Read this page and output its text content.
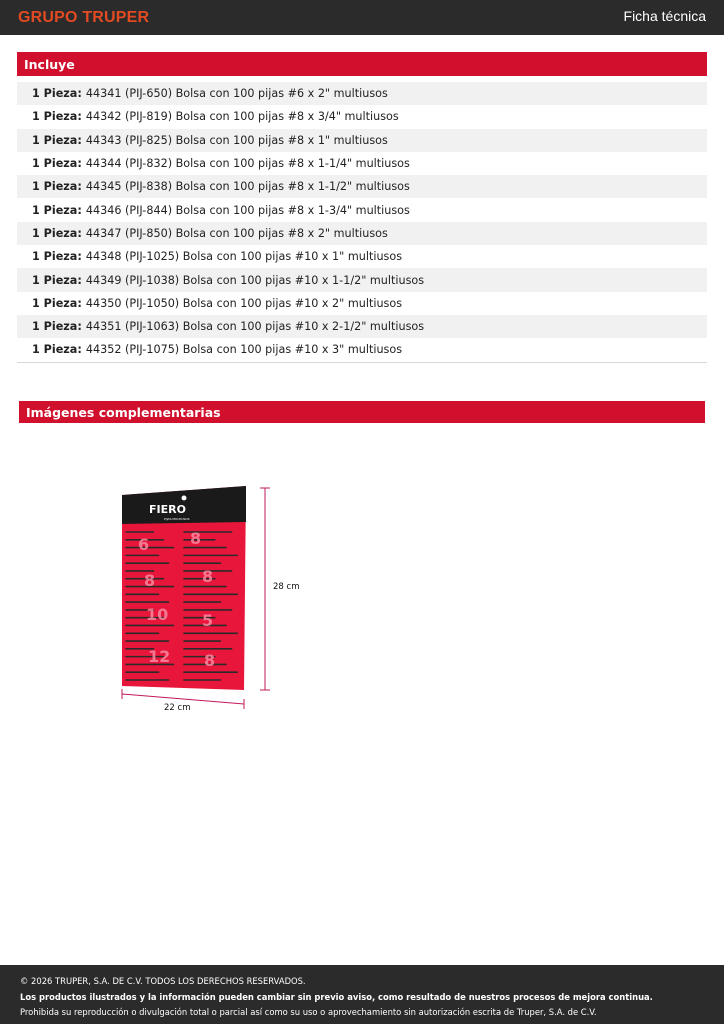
GRUPO TRUPER	Ficha técnica
Incluye
1 Pieza: 44341 (PIJ-650) Bolsa con 100 pijas #6 x 2" multiusos
1 Pieza: 44342 (PIJ-819) Bolsa con 100 pijas #8 x 3/4" multiusos
1 Pieza: 44343 (PIJ-825) Bolsa con 100 pijas #8 x 1" multiusos
1 Pieza: 44344 (PIJ-832) Bolsa con 100 pijas #8 x 1-1/4" multiusos
1 Pieza: 44345 (PIJ-838) Bolsa con 100 pijas #8 x 1-1/2" multiusos
1 Pieza: 44346 (PIJ-844) Bolsa con 100 pijas #8 x 1-3/4" multiusos
1 Pieza: 44347 (PIJ-850) Bolsa con 100 pijas #8 x 2" multiusos
1 Pieza: 44348 (PIJ-1025) Bolsa con 100 pijas #10 x 1" multiusos
1 Pieza: 44349 (PIJ-1038) Bolsa con 100 pijas #10 x 1-1/2" multiusos
1 Pieza: 44350 (PIJ-1050) Bolsa con 100 pijas #10 x 2" multiusos
1 Pieza: 44351 (PIJ-1063) Bolsa con 100 pijas #10 x 2-1/2" multiusos
1 Pieza: 44352 (PIJ-1075) Bolsa con 100 pijas #10 x 3" multiusos
Imágenes complementarias
FIERO
PIJAS MULTIUSOS
6	8
8	8
10 5
12 8
28 cm
22 cm
© 2026 TRUPER, S.A. DE C.V. TODOS LOS DERECHOS RESERVADOS.
Los productos ilustrados y la información pueden cambiar sin previo aviso, como resultado de nuestros procesos de mejora continua.
Prohibida su reproducción o divulgación total o parcial así como su uso o aprovechamiento sin autorización escrita de Truper, S.A. de C.V.
